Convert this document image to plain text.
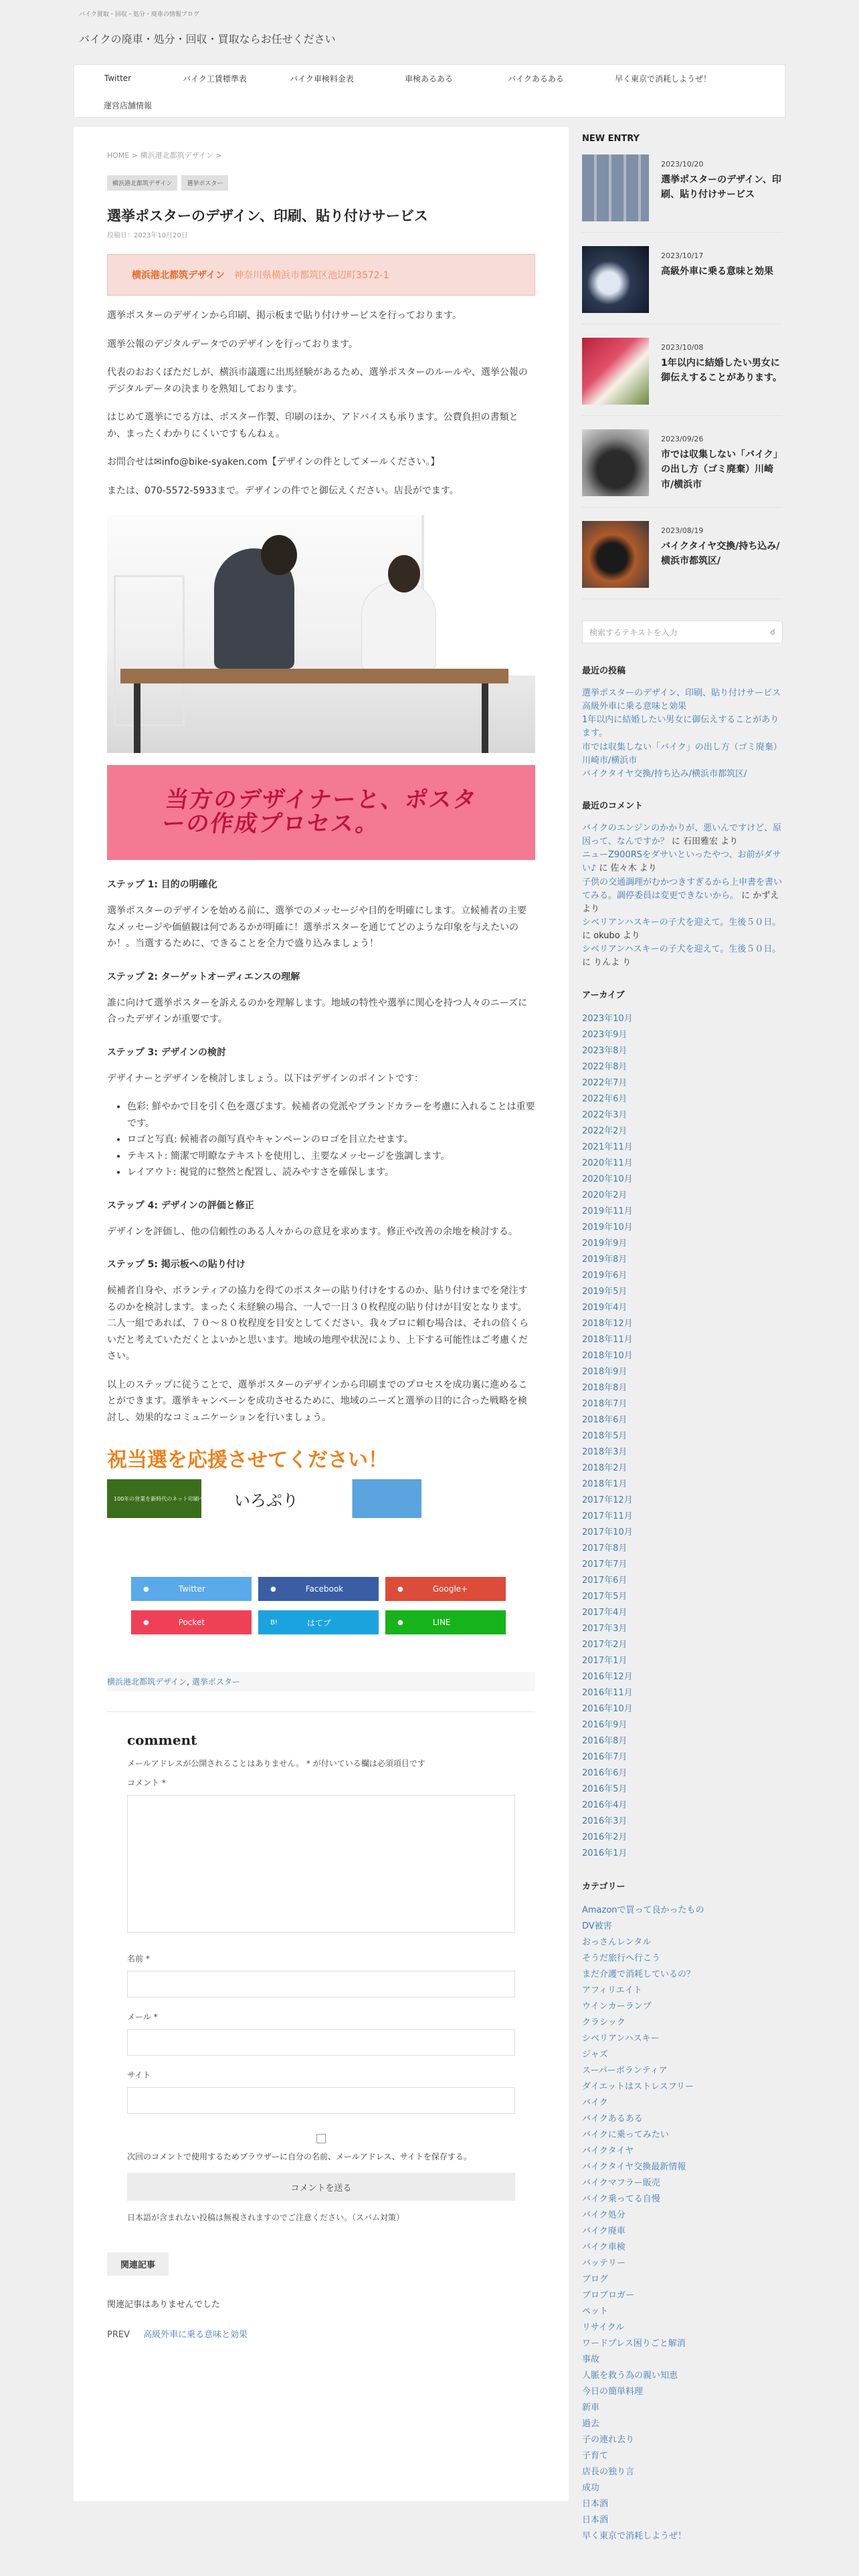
バイク買取・回収・処分・廃車の情報ブログ
バイクの廃車・処分・回収・買取ならお任せください
Twitter	バイク工賃標準表	バイク車検料金表	車検あるある	バイクあるある	早く東京で消耗しようぜ！
運営店舗情報
HOME > 横浜港北都筑デザイン >
横浜港北都筑デザイン	選挙ポスター
選挙ポスターのデザイン、印刷、貼り付けサービス
投稿日：2023年10月20日
横浜港北都筑デザイン 神奈川県横浜市都筑区池辺町3572-1

選挙ポスターのデザインから印刷、掲示板まで貼り付けサービスを行っております。

選挙公報のデジタルデータでのデザインを行っております。

代表のおおくぼただしが、横浜市議選に出馬経験があるため、選挙ポスターのルールや、選挙公報のデジタルデータの決まりを熟知しております。

はじめて選挙にでる方は、ポスター作製、印刷のほか、アドバイスも承ります。公費負担の書類とか、まったくわかりにくいですもんねぇ。

お問合せは✉info@bike-syaken.com【デザインの件としてメールください。】

または、070-5572-5933まで。デザインの件でと御伝えください。店長がでます。

当方のデザイナーと、ポスターの作成プロセス。
ステップ 1: 目的の明確化

選挙ポスターのデザインを始める前に、選挙でのメッセージや目的を明確にします。立候補者の主要なメッセージや価値観は何であるかが明確に！選挙ポスターを通じてどのような印象を与えたいのか！。当選するために、できることを全力で盛り込みましょう！

ステップ 2: ターゲットオーディエンスの理解

誰に向けて選挙ポスターを訴えるのかを理解します。地域の特性や選挙に関心を持つ人々のニーズに合ったデザインが重要です。

ステップ 3: デザインの検討

デザイナーとデザインを検討しましょう。以下はデザインのポイントです：

• 色彩: 鮮やかで目を引く色を選びます。候補者の党派やブランドカラーを考慮に入れることは重要です。
• ロゴと写真: 候補者の顔写真やキャンペーンのロゴを目立たせます。
• テキスト: 簡潔で明瞭なテキストを使用し、主要なメッセージを強調します。
• レイアウト: 視覚的に整然と配置し、読みやすさを確保します。
ステップ 4: デザインの評価と修正

デザインを評価し、他の信頼性のある人々からの意見を求めます。修正や改善の余地を検討する。

ステップ 5: 掲示板への貼り付け

候補者自身や、ボランティアの協力を得てのポスターの貼り付けをするのか、貼り付けまでを発注するのかを検討します。まったく未経験の場合、一人で一日３０枚程度の貼り付けが目安となります。二人一組であれば、７０～８０枚程度を目安としてください。我々プロに頼む場合は、それの倍くらいだと考えていただくとよいかと思います。地域の地理や状況により、上下する可能性はご考慮ください。

以上のステップに従うことで、選挙ポスターのデザインから印刷までのプロセスを成功裏に進めることができます。選挙キャンペーンを成功させるために、地域のニーズと選挙の目的に合った戦略を検討し、効果的なコミュニケーションを行いましょう。

祝当選を応援させてください！
100年の営業を新時代のネット印刷へ	いろぷり
●	Twitter	●	Facebook	●	Google+
●	Pocket	B!	はてブ	●	LINE
横浜港北都筑デザイン, 選挙ポスター
comment
メールアドレスが公開されることはありません。 * が付いている欄は必須項目です
コメント *
名前 *
メール *
サイト
次回のコメントで使用するためブラウザーに自分の名前、メールアドレス、サイトを保存する。
コメントを送る
日本語が含まれない投稿は無視されますのでご注意ください。（スパム対策）
関連記事
関連記事はありませんでした
PREV 高級外車に乗る意味と効果
NEW ENTRY
2023/10/20
選挙ポスターのデザイン、印刷、貼り付けサービス
2023/10/17
高級外車に乗る意味と効果
2023/10/08
1年以内に結婚したい男女に御伝えすることがあります。
2023/09/26
市では収集しない「バイク」の出し方（ゴミ廃棄）川崎市/横浜市
2023/08/19
バイクタイヤ交換/持ち込み/横浜市都筑区/
検索するテキストを入力	☌
最近の投稿
選挙ポスターのデザイン、印刷、貼り付けサービス
高級外車に乗る意味と効果
1年以内に結婚したい男女に御伝えすることがあります。
市では収集しない「バイク」の出し方（ゴミ廃棄）川崎市/横浜市
バイクタイヤ交換/持ち込み/横浜市都筑区/
最近のコメント
バイクのエンジンのかかりが、悪いんですけど、原因って、なんですか？ に 石田雅宏 より
ニューZ900RSをダサいといったやつ、お前がダサい♪ に 佐々木 より
子供の交通調理がむかつきすぎるから上申書を書いてみる。調停委員は変更できないから。 に かずえ より
シベリアンハスキーの子犬を迎えて。生後５０日。 に okubo より
シベリアンハスキーの子犬を迎えて。生後５０日。 に りんよ り
アーカイブ
2023年10月
2023年9月
2023年8月
2022年8月
2022年7月
2022年6月
2022年3月
2022年2月
2021年11月
2020年11月
2020年10月
2020年2月
2019年11月
2019年10月
2019年9月
2019年8月
2019年6月
2019年5月
2019年4月
2018年12月
2018年11月
2018年10月
2018年9月
2018年8月
2018年7月
2018年6月
2018年5月
2018年3月
2018年2月
2018年1月
2017年12月
2017年11月
2017年10月
2017年8月
2017年7月
2017年6月
2017年5月
2017年4月
2017年3月
2017年2月
2017年1月
2016年12月
2016年11月
2016年10月
2016年9月
2016年8月
2016年7月
2016年6月
2016年5月
2016年4月
2016年3月
2016年2月
2016年1月
カテゴリー
Amazonで買って良かったもの
DV被害
おっさんレンタル
そうだ旅行へ行こう
まだ介護で消耗しているの？
アフィリエイト
ウインカーランプ
クラシック
シベリアンハスキー
ジャズ
スーパーボランティア
ダイエットはストレスフリー
バイク
バイクあるある
バイクに乗ってみたい
バイクタイヤ
バイクタイヤ交換最新情報
バイクマフラー販売
バイク乗ってる自慢
バイク処分
バイク廃車
バイク車検
バッテリー
ブログ
ブロブロガー
ペット
リサイクル
ワードプレス困りごと解消
事故
人脈を救う為の親い知恵
今日の簡単料理
新車
過去
子の連れ去り
子育て
店長の独り言
成功
日本酒
日本酒
早く東京で消耗しようぜ！
